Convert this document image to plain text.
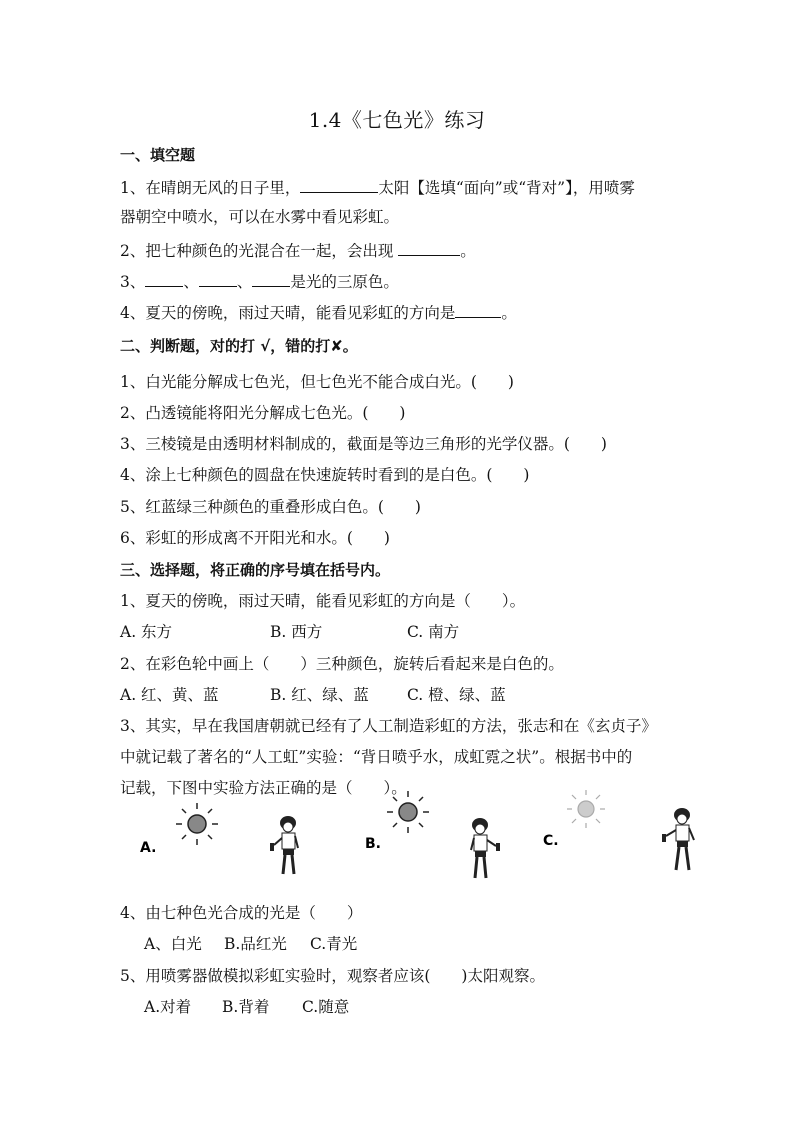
1.4《七色光》练习
一、填空题
1、在晴朗无风的日子里，	太阳【选填“面向”或“背对”】，用喷雾
器朝空中喷水，可以在水雾中看见彩虹。
2、把七种颜色的光混合在一起，会出现	。
3、 、 、 是光的三原色。
4、夏天的傍晚，雨过天晴，能看见彩虹的方向是	。
二、判断题，对的打 √，错的打✘。
1、白光能分解成七色光，但七色光不能合成白光。(　　)
2、凸透镜能将阳光分解成七色光。(　　)
3、三棱镜是由透明材料制成的，截面是等边三角形的光学仪器。(　　)
4、涂上七种颜色的圆盘在快速旋转时看到的是白色。(　　)
5、红蓝绿三种颜色的重叠形成白色。(　　)
6、彩虹的形成离不开阳光和水。(　　)
三、选择题，将正确的序号填在括号内。
1、夏天的傍晚，雨过天晴，能看见彩虹的方向是（　　）。
A. 东方	B. 西方	C. 南方
2、在彩色轮中画上（　　）三种颜色，旋转后看起来是白色的。
A. 红、黄、蓝	B. 红、绿、蓝 C. 橙、绿、蓝
3、其实，早在我国唐朝就已经有了人工制造彩虹的方法，张志和在《玄贞子》
中就记载了著名的“人工虹”实验：“背日喷乎水，成虹霓之状”。根据书中的
记载，下图中实验方法正确的是（　　）。
A.	B.	C.
4、由七种色光合成的光是（　　）
A、白光 B.品红光 C.青光
5、用喷雾器做模拟彩虹实验时，观察者应该(　　)太阳观察。
A.对着 B.背着 C.随意
